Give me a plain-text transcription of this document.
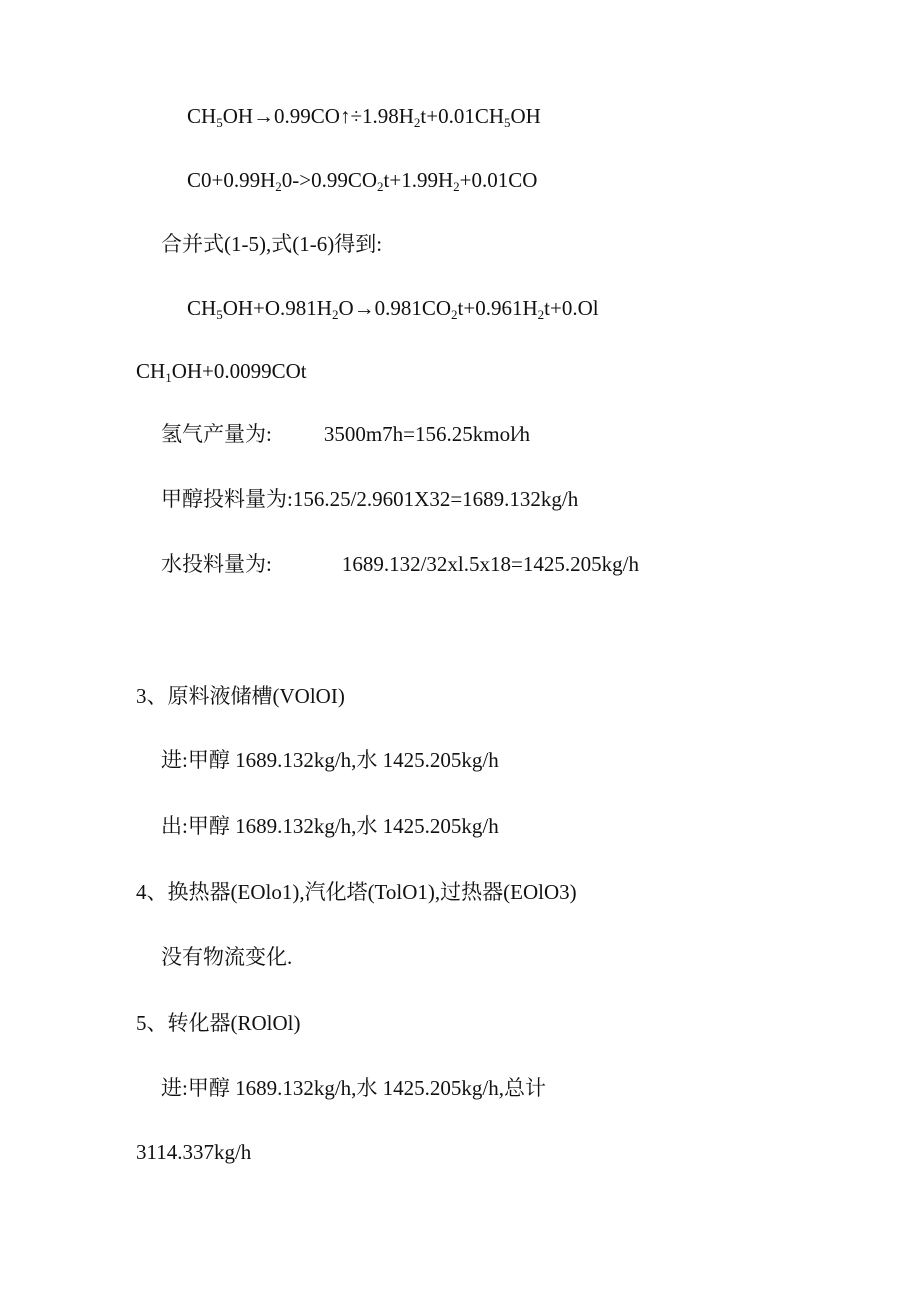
$CH_5OH\to 0.99CO↑\div 1.98H_2t+0.01CH_5OH$

$C0+0.99H_20->0.99CO_2t+1.99H_2+0.01CO$

合并式(1-5),式(1-6)得到:

$CH_5OH+O.981H_2O\to 0.981CO_2t+0.961H_2t+0.Ol$

$CH_1OH+0.0099COt$

氢气产量为: 3500m7h=156.25kmol∕h

甲醇投料量为:156.25/2.9601X32=1689.132kg/h

水投料量为:	1689.132/32xl.5x18=1425.205kg/h

3、原料液储槽(VOlOI)

进:甲醇 1689.132kg/h,水 1425.205kg/h

出:甲醇 1689.132kg/h,水 1425.205kg/h

4、换热器(EOlo1),汽化塔(TolO1),过热器(EOlO3)

没有物流变化.

5、转化器(ROlOl)

进:甲醇 1689.132kg/h,水 1425.205kg/h,总计

3114.337kg/h
